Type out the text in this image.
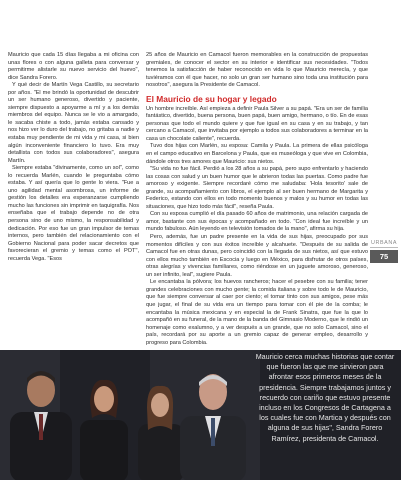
Mauricio que cada 15 días llegaba a mi oficina con unas flores o con alguna galleta para conversar y permitirme alistarle su nuevo servicio del huevo", dice Sandra Forero.

Y qué decir de Martín Vega Castillo, su secretario por años. "El me brindó la oportunidad de descubrir un ser humano generoso, divertido y paciente, siempre dispuesto a apoyarme a mí y a los demás miembros del equipo. Nunca se le vio a amargado, le sacaba chiste a todo, jamás estaba cansado y nos hizo ver lo duro del trabajo, no gritaba a nadie y estaba muy pendiente de mi vida y mi casa, si bien algún inconveniente financiero lo tuvo. Era muy detallista con todos sus colaboradores", asegura Martín.

Siempre estaba "divinamente, como un sol", como lo recuerda Marlén, cuando le preguntaba cómo estaba. Y así quería que lo gente lo viera. "Fue a uno agilidad mental asombrosa, un informe de gestión los detalles era esperanzarse cumpliendo mucho las funciones sin imprimir en taquigrafía. Nos enseñaba que el trabajo depende no de otra persona sino de uno mismo, la responsabilidad y dedicación. Por eso fue un gran impulsor de temas internos, pero también del relacionamiento con el Gobierno Nacional para poder sacar decretos que favorecieran el gremio y temas como el POT", recuerda Vega. "Esos

25 años de Mauricio en Camacol fueron memorables en la construcción de propuestas gremiales, de conocer el sector en su interior e identificar sus necesidades. "Todos tenemos la satisfacción de haber reconocido en vida lo que Mauricio merecía, y que tuviéramos con él que hacer, no solo un gran ser humano sino toda una institución para nosotros", asegura la Presidente de Camacol.

El Mauricio de su hogar y legado

Un hombre increíble. Así empieza a definir Paula Silver a su papá. "Era un ser de familia fantástico, divertido, buena persona, buen papá, buen amigo, hermano, o tío. En de esas personas que todo el mundo quiere y que fue igual en su casa y en su trabajo, y tan cercano a Camacol, que invitaba por ejemplo a todos sus colaboradores a terminar en la casa un chocolate caliente", recuerda.

Tuvo dos hijas con Marlén, su esposa: Camila y Paula. La primera de ellas psicóloga en el campo educativo en Barcelona y Paula, que es museóloga y que vive en Colombia, dándole otros tres amores que Mauricio: sus nietos.

"Su vida no fue fácil. Perdió a los 28 años a su papá, pero supo enfrentarlo y haciendo las cosas con salud y un buen humor que le abrieron todas las puertas. Como padre fue amoroso y exigente. Siempre recordaré cómo me saludaba: 'Hola tesorito' sale de grande, su acompañamiento con libros, el ejemplo al ser buen hermano de Margarita y Federico, estando con ellos en todo momento buenos y malos y su humor en todas las situaciones, que hizo todo más fácil", reseña Paula.

Con su esposa cumplió el día pasado 60 años de matrimonio, una relación cargada de amor, bastante con sus épocas y acompañado en todo. "Con ideal fue increíble y un mundo fabuloso. Aún leyendo en televisión tomados de la mano", afirma su hija.

Pero, además, fue un padre presente en la vida de sus hijas, preocupado por sus momentos difíciles y con sus éxitos increíble y alcahuete. "Después de su salida de Camacol fue en otras dunas, pero coincidió con la llegada de sus nietos, así que estuvo con ellos mucho también en Escocia y luego en México, para disfrutar de otros países, otras alegrías y vivencias familiares, como riéndose en un juguete amoroso, generoso, un ser infinito, leal", sugiere Paula.

Le encantaba la pólvora; los huevos rancheros; hacer el pesebre con su familia; tener grandes celebraciones con mucho gente; la comida italiana y sobre todo le de Mauricio, que fue siempre conversar al caer por ciento; el tomar tinto con sus amigos, pese más que jugar, el final de su vida era un tiempo para tomar con él pie de la comba; le encantaba la música mexicana y en especial la de Frank Sinatra, que fue la que lo acompañó en su funeral, de la mano de la banda del Gimnasio Moderno, que le rindió un homenaje como exalumno, y a ver después a un grande, que no solo Camacol, sino el país, recordará por su aporte a un gremio capaz de generar empleo, desarrollo y progreso para Colombia.

URBANA
75
Mauricio cerca muchas historias que contar que fueron las que me sirvieron para afrontar esos primeros meses de la presidencia. Siempre trabajamos juntos y recuerdo con cariño que estuvo presente incluso en los Congresos de Cartagena a los cuales fue con Martica y después con alguna de sus hijas", Sandra Forero Ramírez, presidenta de Camacol.
